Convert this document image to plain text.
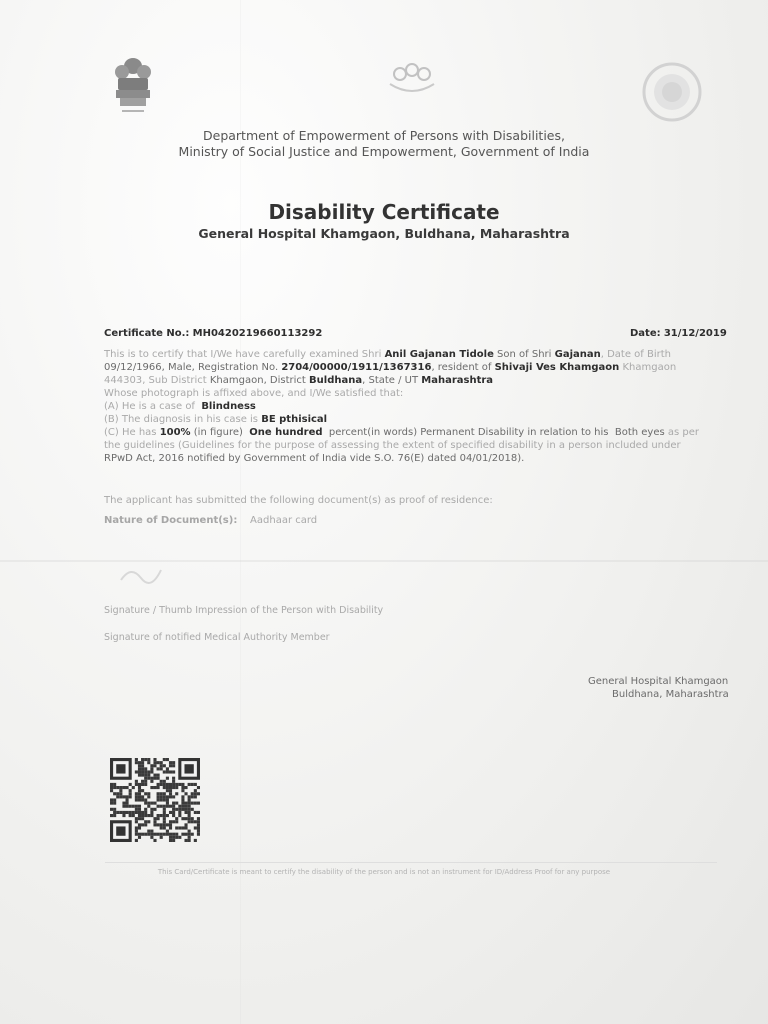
Department of Empowerment of Persons with Disabilities,
Ministry of Social Justice and Empowerment, Government of India
Disability Certificate
General Hospital Khamgaon, Buldhana, Maharashtra
Certificate No.: MH0420219660113292	Date: 31/12/2019
This is to certify that I/We have carefully examined Shri Anil Gajanan Tidole Son of Shri Gajanan, Date of Birth
09/12/1966, Male, Registration No. 2704/00000/1911/1367316, resident of Shivaji Ves Khamgaon Khamgaon
444303, Sub District Khamgaon, District Buldhana, State / UT Maharashtra
Whose photograph is affixed above, and I/We satisfied that:
(A) He is a case of Blindness
(B) The diagnosis in his case is BE pthisical
(C) He has 100% (in figure) One hundred percent(in words) Permanent Disability in relation to his Both eyes as per
the guidelines (Guidelines for the purpose of assessing the extent of specified disability in a person included under
RPwD Act, 2016 notified by Government of India vide S.O. 76(E) dated 04/01/2018).
The applicant has submitted the following document(s) as proof of residence:
Nature of Document(s): Aadhaar card
Signature / Thumb Impression of the Person with Disability
Signature of notified Medical Authority Member
General Hospital Khamgaon
Buldhana, Maharashtra
This Card/Certificate is meant to certify the disability of the person and is not an instrument for ID/Address Proof for any purpose
